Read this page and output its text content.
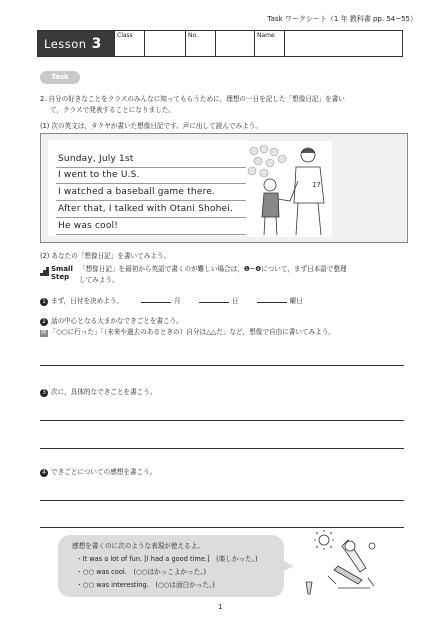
Task ワークシート（1 年 教科書 pp. 54~55）
Lesson 3	Class		No.		Name

Task
2. 自分の好きなことをクラスのみんなに知ってもらうために，理想の一日を記した「想像日記」を書い
て，クラスで発表することになりました。
(1) 次の英文は，タクヤが書いた想像日記です。声に出して読んでみよう。
Sunday, July 1st
I went to the U.S.
I watched a baseball game there.
After that, I talked with Otani Shohei.
He was cool!
17
(2) あなたの「想像日記」を書いてみよう。
Small
Step
「想像日記」を最初から英語で書くのが難しい場合は，❶~❹について，まず日本語で整理
してみよう。
1 まず，日付を決めよう。	月	日	曜日
2 話の中心となる大まかなできごとを書こう。
例 「○○に行った」「（未来や過去のあるときの）自分は△△だ」など，想像で自由に書いてみよう。
3 次に，具体的なできごとを書こう。
4 できごとについての感想を書こう。
感想を書くのに次のような表現が使えるよ。
・It was a lot of fun. [I had a good time.]　(楽しかった。)
・○○ was cool.　(○○はかっこよかった。)
・○○ was interesting.　(○○は面白かった。)
1
